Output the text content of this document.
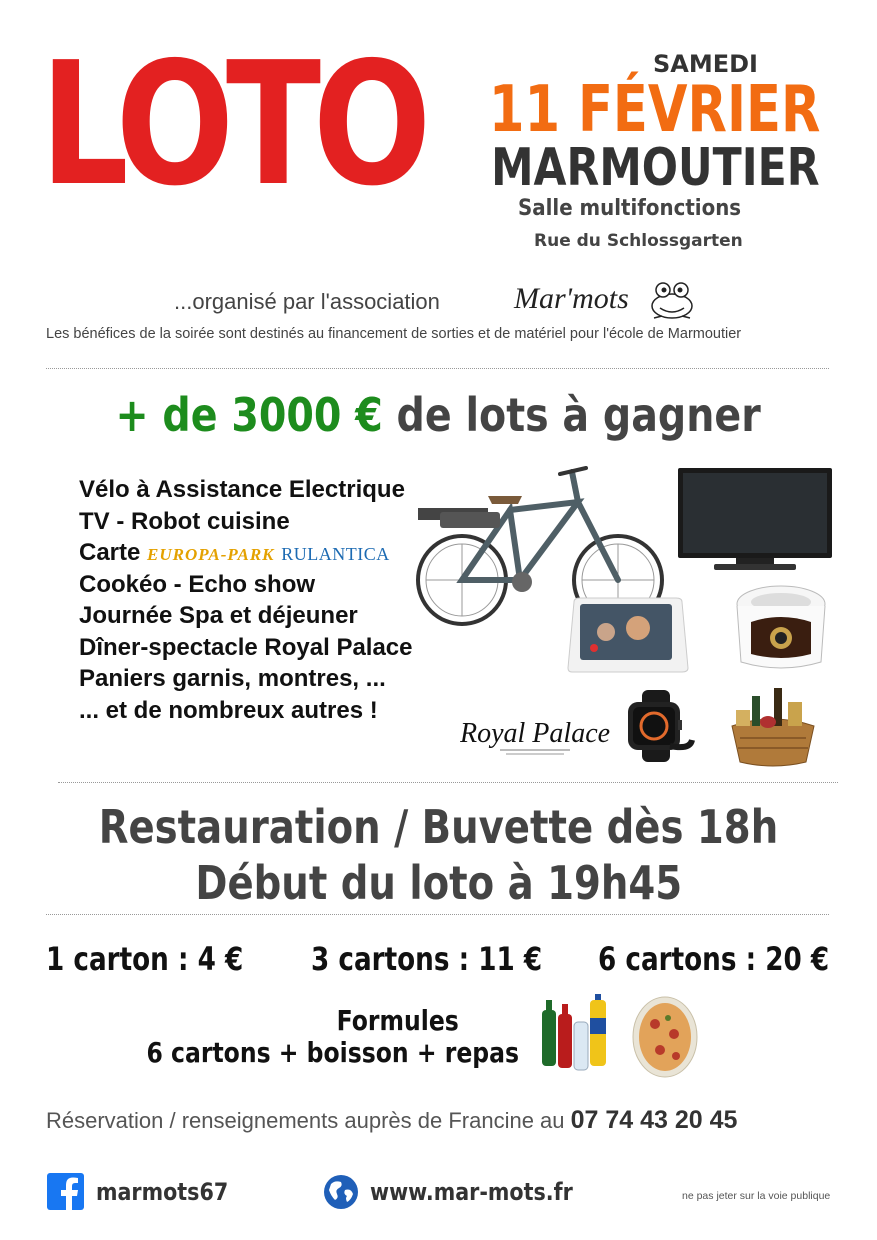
LOTO	SAMEDI
11 FÉVRIER
MARMOUTIER
Salle multifonctions
Rue du Schlossgarten
...organisé par l'association Mar'mots
Les bénéfices de la soirée sont destinés au financement de sorties et de matériel pour l'école de Marmoutier
+ de 3000 € de lots à gagner
Vélo à Assistance Electrique
TV - Robot cuisine
Carte EUROPA-PARK RULANTICA
Cookéo - Echo show
Journée Spa et déjeuner
Dîner-spectacle Royal Palace
Paniers garnis, montres, ...
... et de nombreux autres !
Royal Palace
Restauration / Buvette dès 18h
Début du loto à 19h45
1 carton : 4 € 3 cartons : 11 € 6 cartons : 20 €
Formules
6 cartons + boisson + repas
Réservation / renseignements auprès de Francine au 07 74 43 20 45
marmots67	www.mar-mots.fr	ne pas jeter sur la voie publique
